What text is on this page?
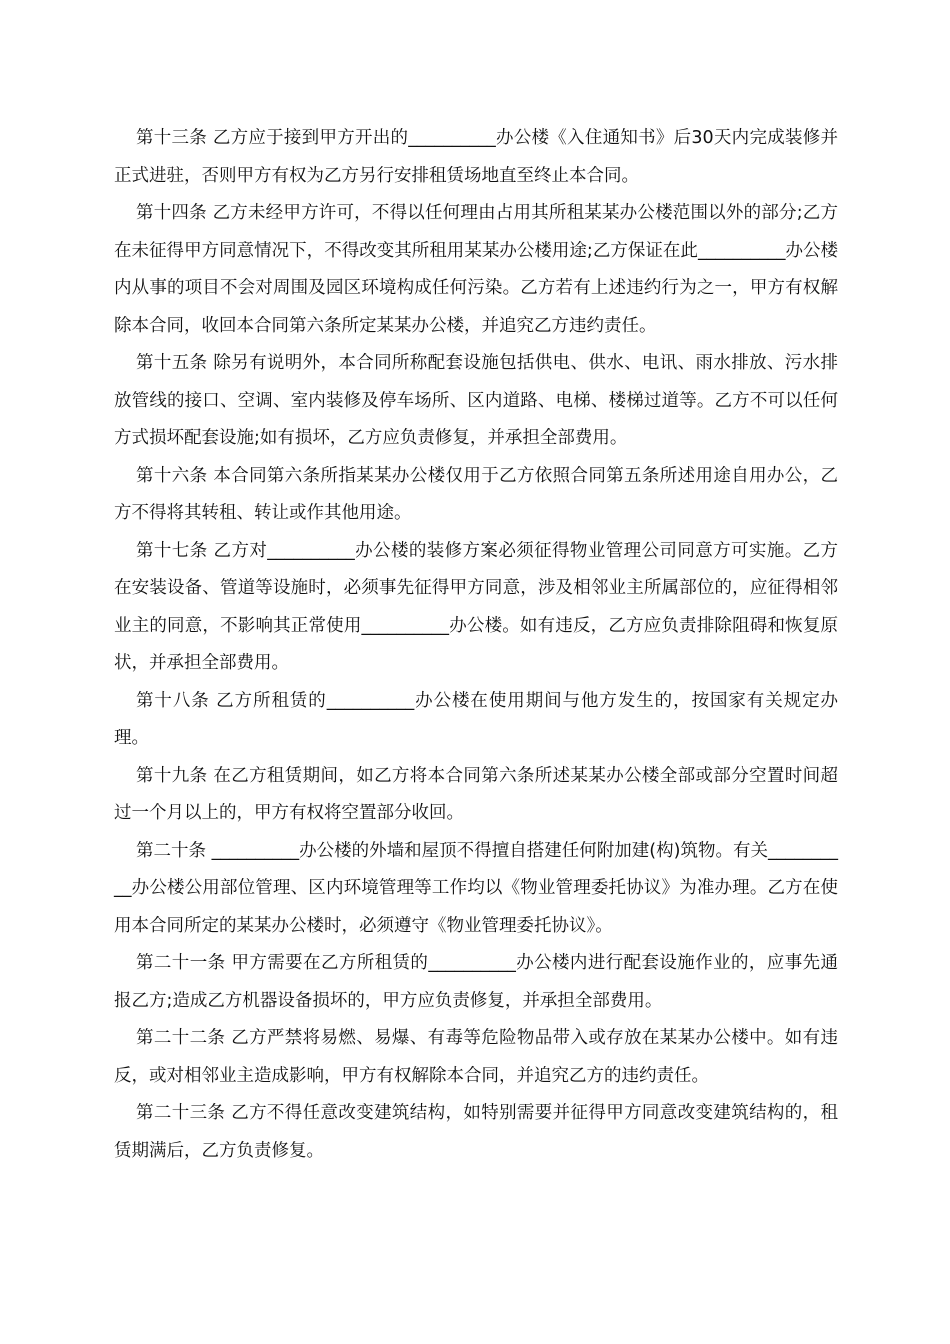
第十三条 乙方应于接到甲方开出的__________办公楼《入住通知书》后30天内完成装修并正式进驻，否则甲方有权为乙方另行安排租赁场地直至终止本合同。

第十四条 乙方未经甲方许可，不得以任何理由占用其所租某某办公楼范围以外的部分;乙方在未征得甲方同意情况下，不得改变其所租用某某办公楼用途;乙方保证在此__________办公楼内从事的项目不会对周围及园区环境构成任何污染。乙方若有上述违约行为之一，甲方有权解除本合同，收回本合同第六条所定某某办公楼，并追究乙方违约责任。

第十五条 除另有说明外，本合同所称配套设施包括供电、供水、电讯、雨水排放、污水排放管线的接口、空调、室内装修及停车场所、区内道路、电梯、楼梯过道等。乙方不可以任何方式损坏配套设施;如有损坏，乙方应负责修复，并承担全部费用。

第十六条 本合同第六条所指某某办公楼仅用于乙方依照合同第五条所述用途自用办公，乙方不得将其转租、转让或作其他用途。

第十七条 乙方对__________办公楼的装修方案必须征得物业管理公司同意方可实施。乙方在安装设备、管道等设施时，必须事先征得甲方同意，涉及相邻业主所属部位的，应征得相邻业主的同意，不影响其正常使用__________办公楼。如有违反，乙方应负责排除阻碍和恢复原状，并承担全部费用。

第十八条 乙方所租赁的__________办公楼在使用期间与他方发生的，按国家有关规定办理。

第十九条 在乙方租赁期间，如乙方将本合同第六条所述某某办公楼全部或部分空置时间超过一个月以上的，甲方有权将空置部分收回。

第二十条 __________办公楼的外墙和屋顶不得擅自搭建任何附加建(构)筑物。有关__________办公楼公用部位管理、区内环境管理等工作均以《物业管理委托协议》为准办理。乙方在使用本合同所定的某某办公楼时，必须遵守《物业管理委托协议》。

第二十一条 甲方需要在乙方所租赁的__________办公楼内进行配套设施作业的，应事先通报乙方;造成乙方机器设备损坏的，甲方应负责修复，并承担全部费用。

第二十二条 乙方严禁将易燃、易爆、有毒等危险物品带入或存放在某某办公楼中。如有违反，或对相邻业主造成影响，甲方有权解除本合同，并追究乙方的违约责任。

第二十三条 乙方不得任意改变建筑结构，如特别需要并征得甲方同意改变建筑结构的，租赁期满后，乙方负责修复。
